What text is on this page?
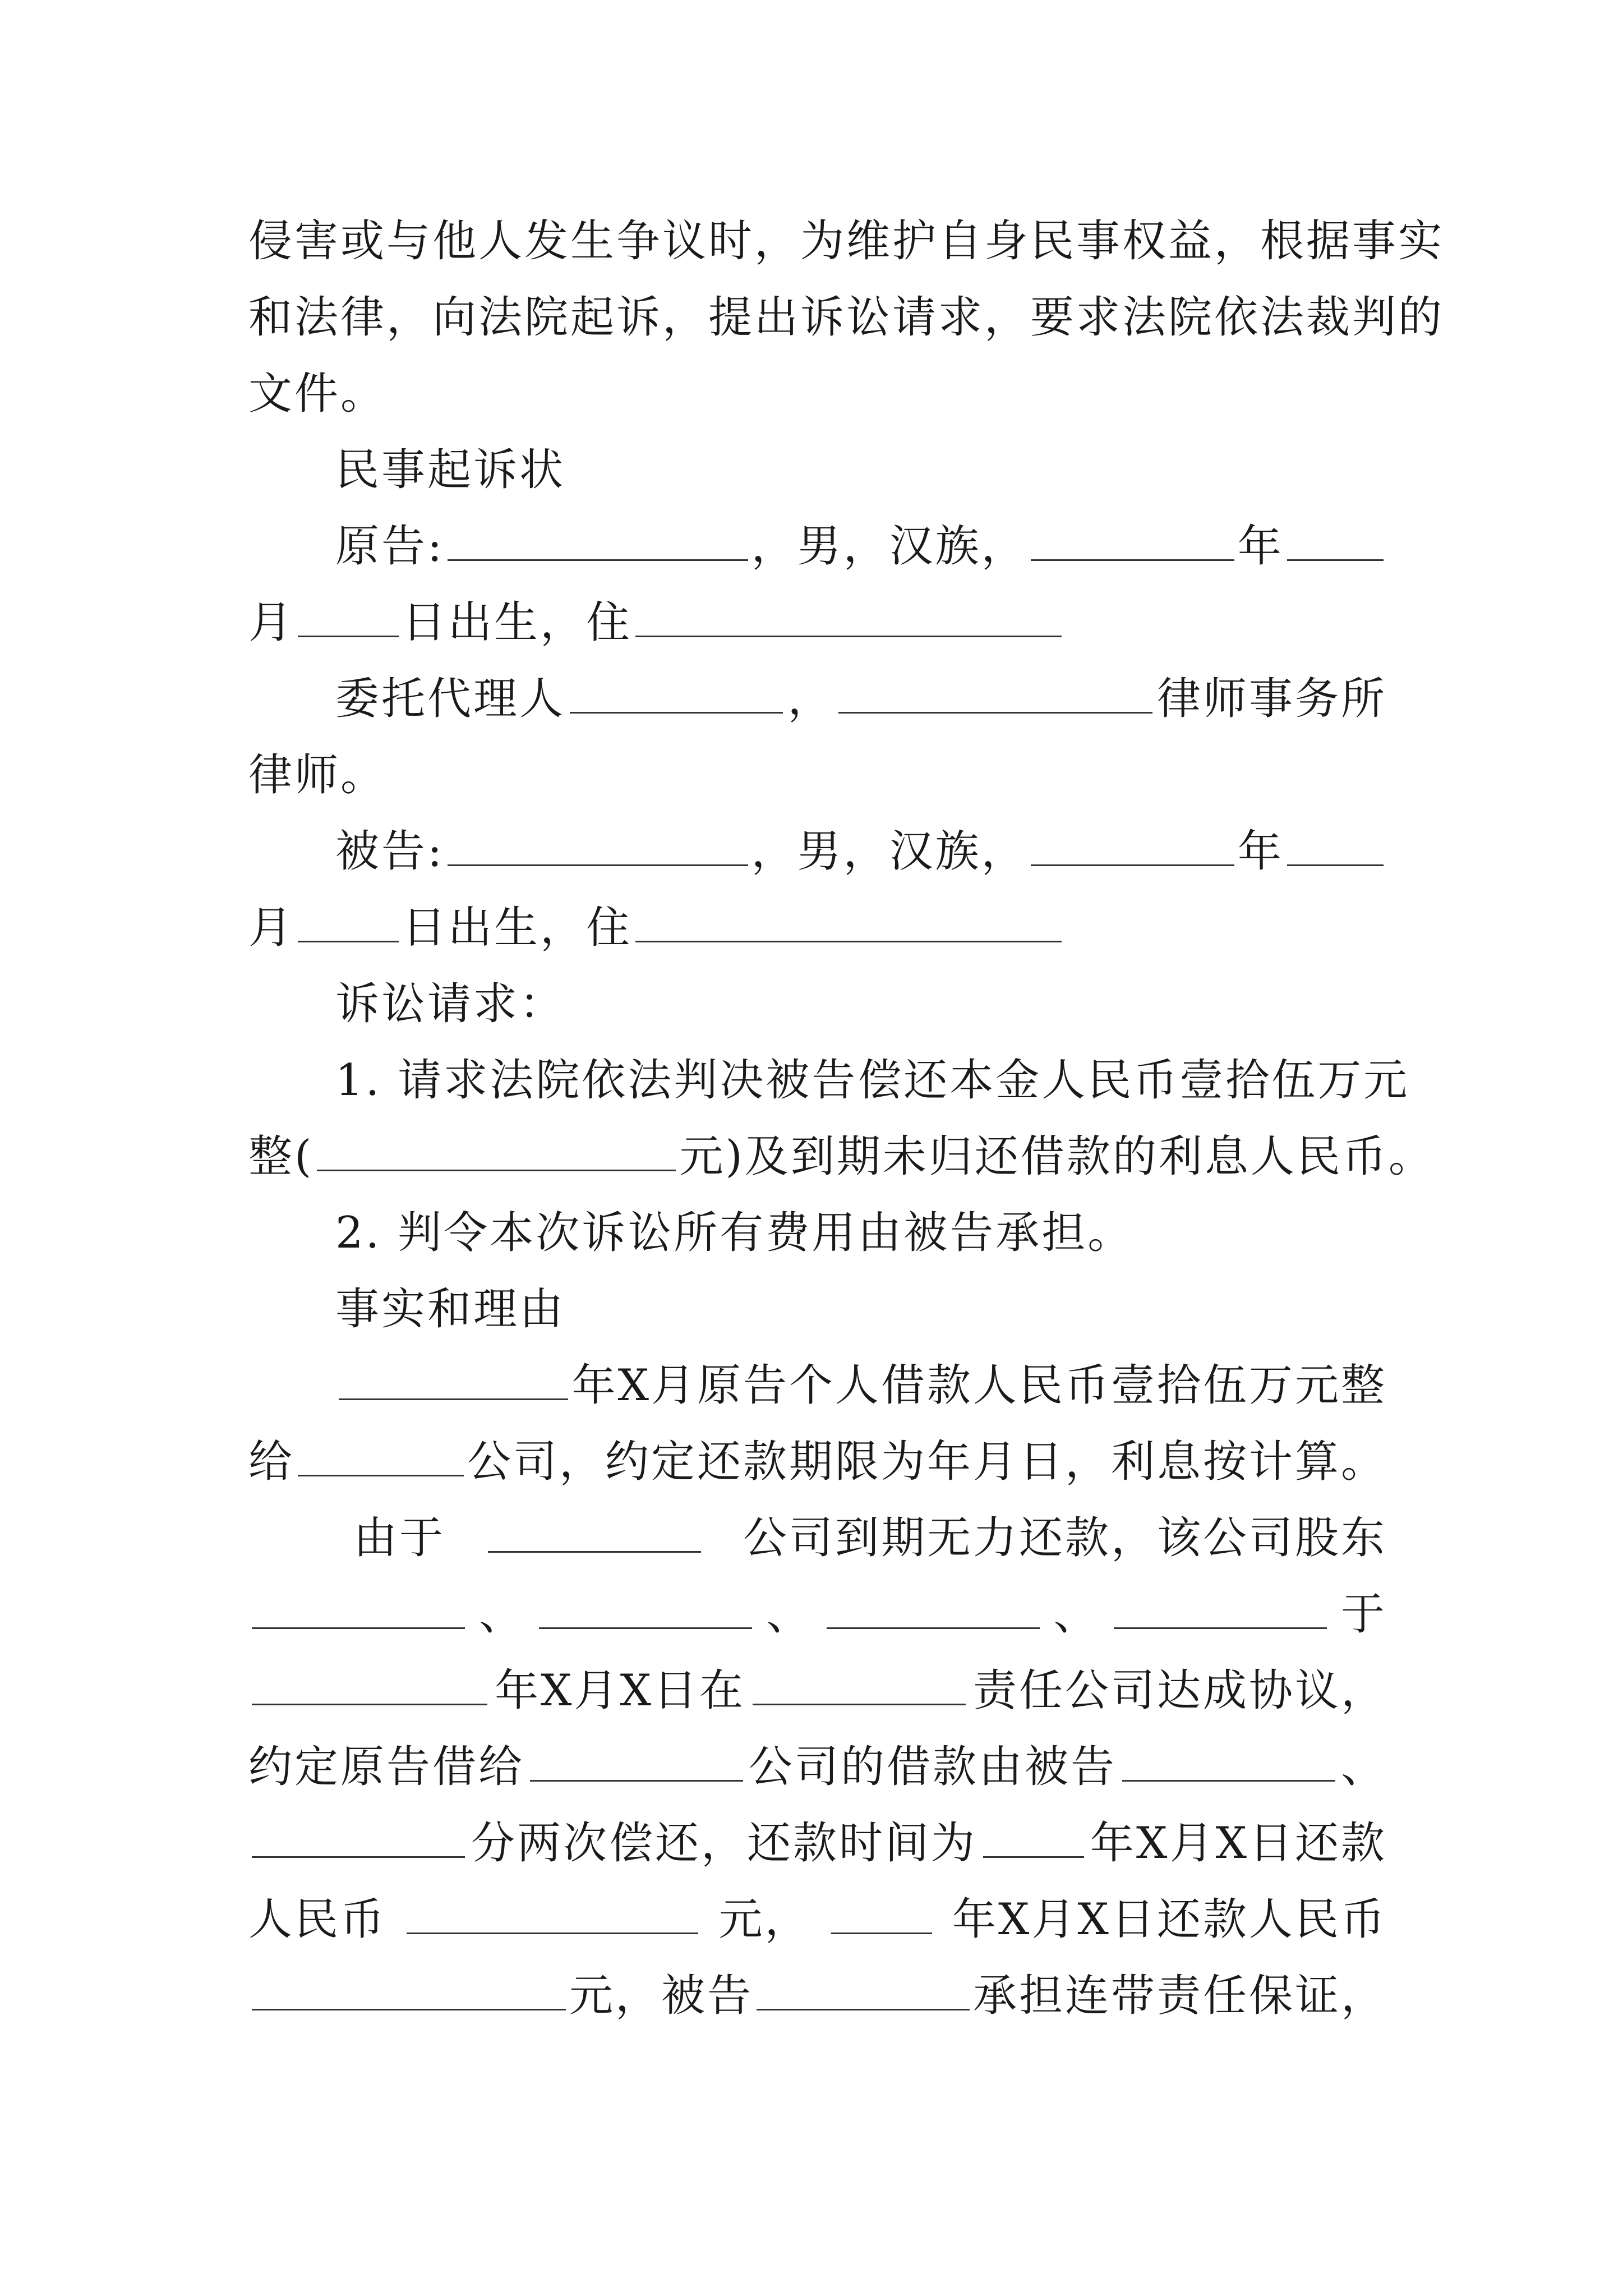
侵害或与他人发生争议时，为维护自身民事权益，根据事实
和法律，向法院起诉，提出诉讼请求，要求法院依法裁判的
文件。
民事起诉状
原告:	，男，汉族，	年
月 日出生，住
委托代理人	，	律师事务所
律师。
被告:	，男，汉族，	年
月 日出生，住
诉讼请求：
1. 请求法院依法判决被告偿还本金人民币壹拾伍万元
整(	元)及到期未归还借款的利息人民币。
2. 判令本次诉讼所有费用由被告承担。
事实和理由
年X月原告个人借款人民币壹拾伍万元整
给	公司，约定还款期限为年月日，利息按计算。
由于	公司到期无力还款，该公司股东
、	、	、	于
年X月X日在	责任公司达成协议，
约定原告借给	公司的借款由被告	、
分两次偿还，还款时间为	年X月X日还款
人民币	元，	年X月X日还款人民币
元，被告	承担连带责任保证，
